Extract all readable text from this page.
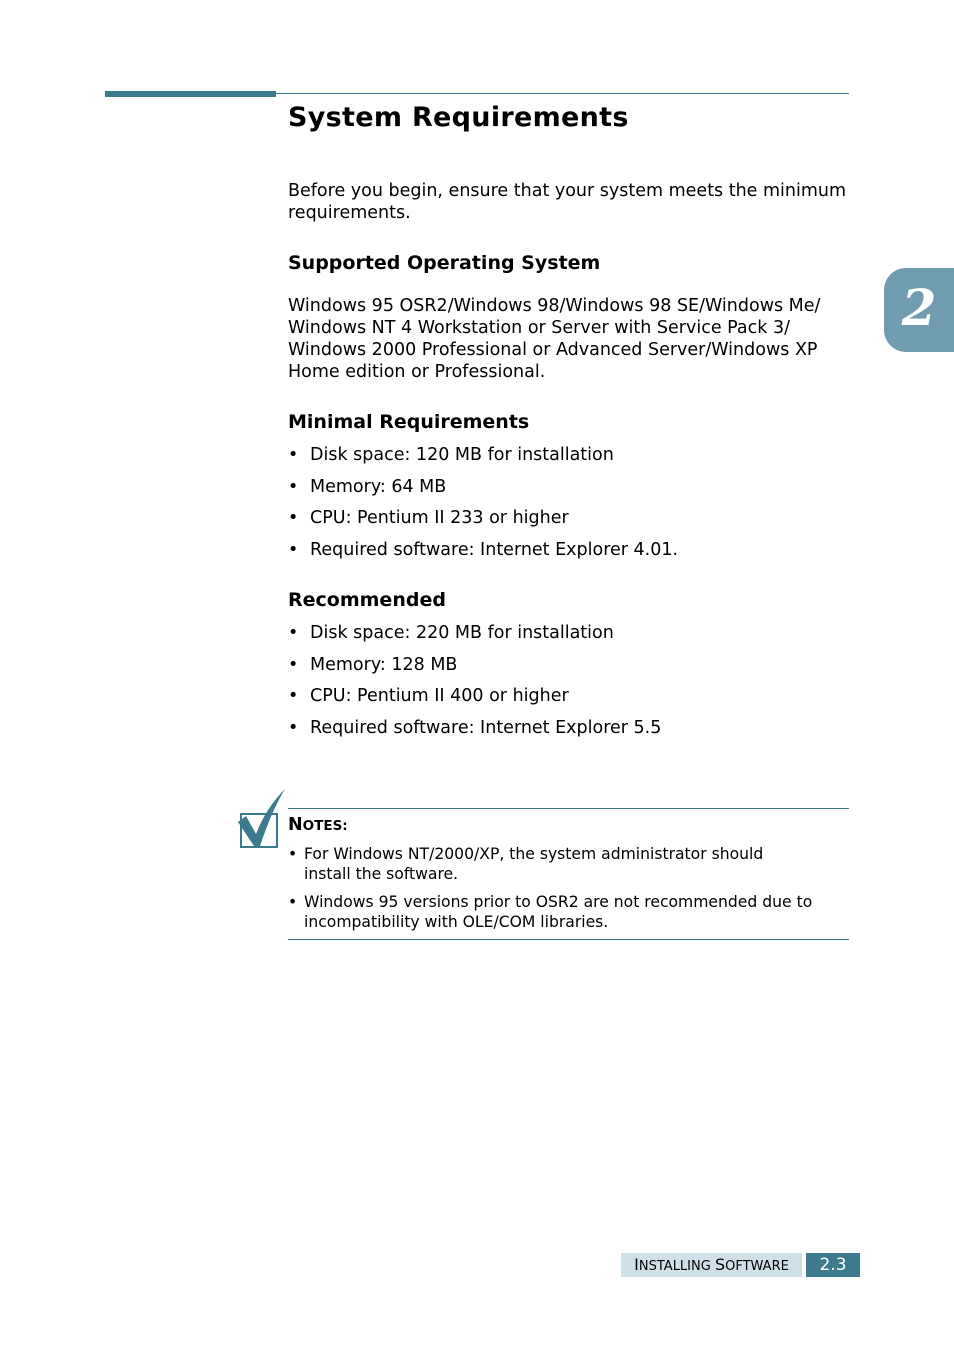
System Requirements
2

Before you begin, ensure that your system meets the minimum requirements.

Supported Operating System
Windows 95 OSR2/Windows 98/Windows 98 SE/Windows Me/
Windows NT 4 Workstation or Server with Service Pack 3/
Windows 2000 Professional or Advanced Server/Windows XP
Home edition or Professional.
Minimal Requirements
• Disk space: 120 MB for installation
• Memory: 64 MB
• CPU: Pentium II 233 or higher
• Required software: Internet Explorer 4.01.
Recommended
• Disk space: 220 MB for installation
• Memory: 128 MB
• CPU: Pentium II 400 or higher
• Required software: Internet Explorer 5.5

NOTES:

• For Windows NT/2000/XP, the system administrator should
install the software.
• Windows 95 versions prior to OSR2 are not recommended due to
incompatibility with OLE/COM libraries.
INSTALLING SOFTWARE	2.3
